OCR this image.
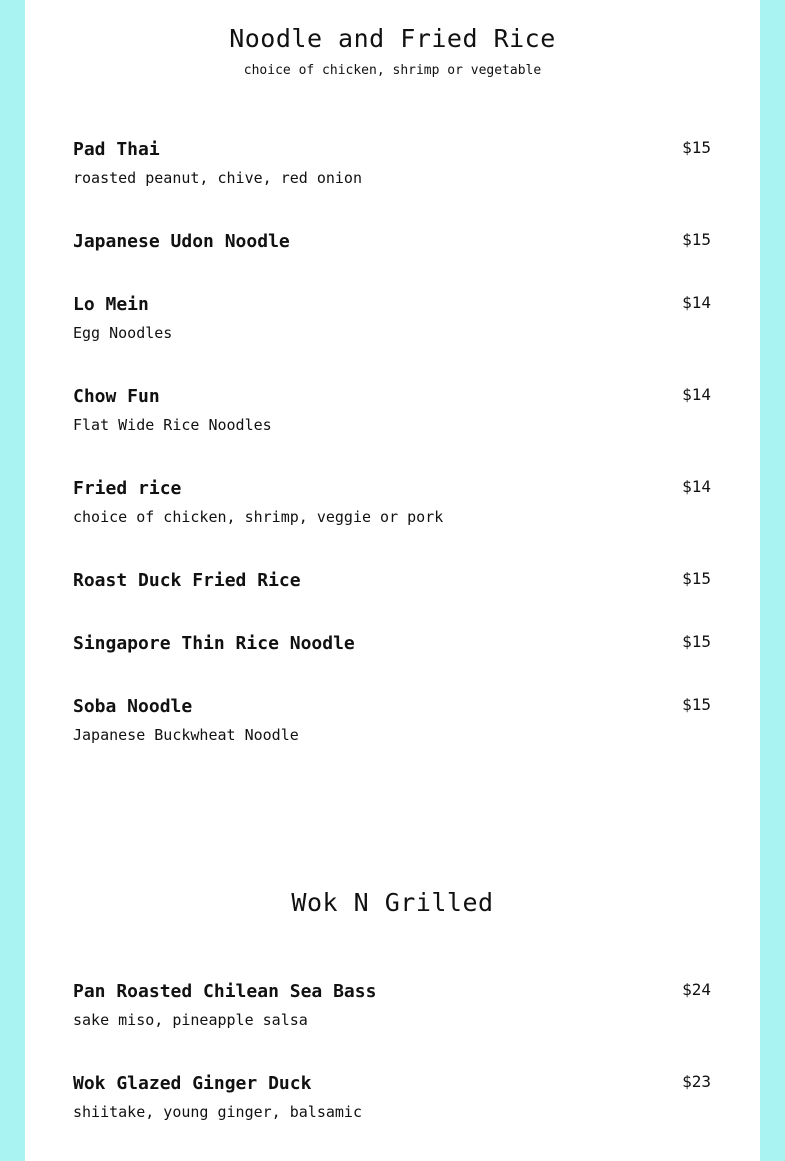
Noodle and Fried Rice

choice of chicken, shrimp or vegetable

Pad Thai	$15
roasted peanut, chive, red onion
Japanese Udon Noodle	$15
Lo Mein	$14
Egg Noodles
Chow Fun	$14
Flat Wide Rice Noodles
Fried rice	$14
choice of chicken, shrimp, veggie or pork
Roast Duck Fried Rice	$15
Singapore Thin Rice Noodle	$15
Soba Noodle	$15
Japanese Buckwheat Noodle
Wok N Grilled
Pan Roasted Chilean Sea Bass	$24
sake miso, pineapple salsa
Wok Glazed Ginger Duck	$23
shiitake, young ginger, balsamic
